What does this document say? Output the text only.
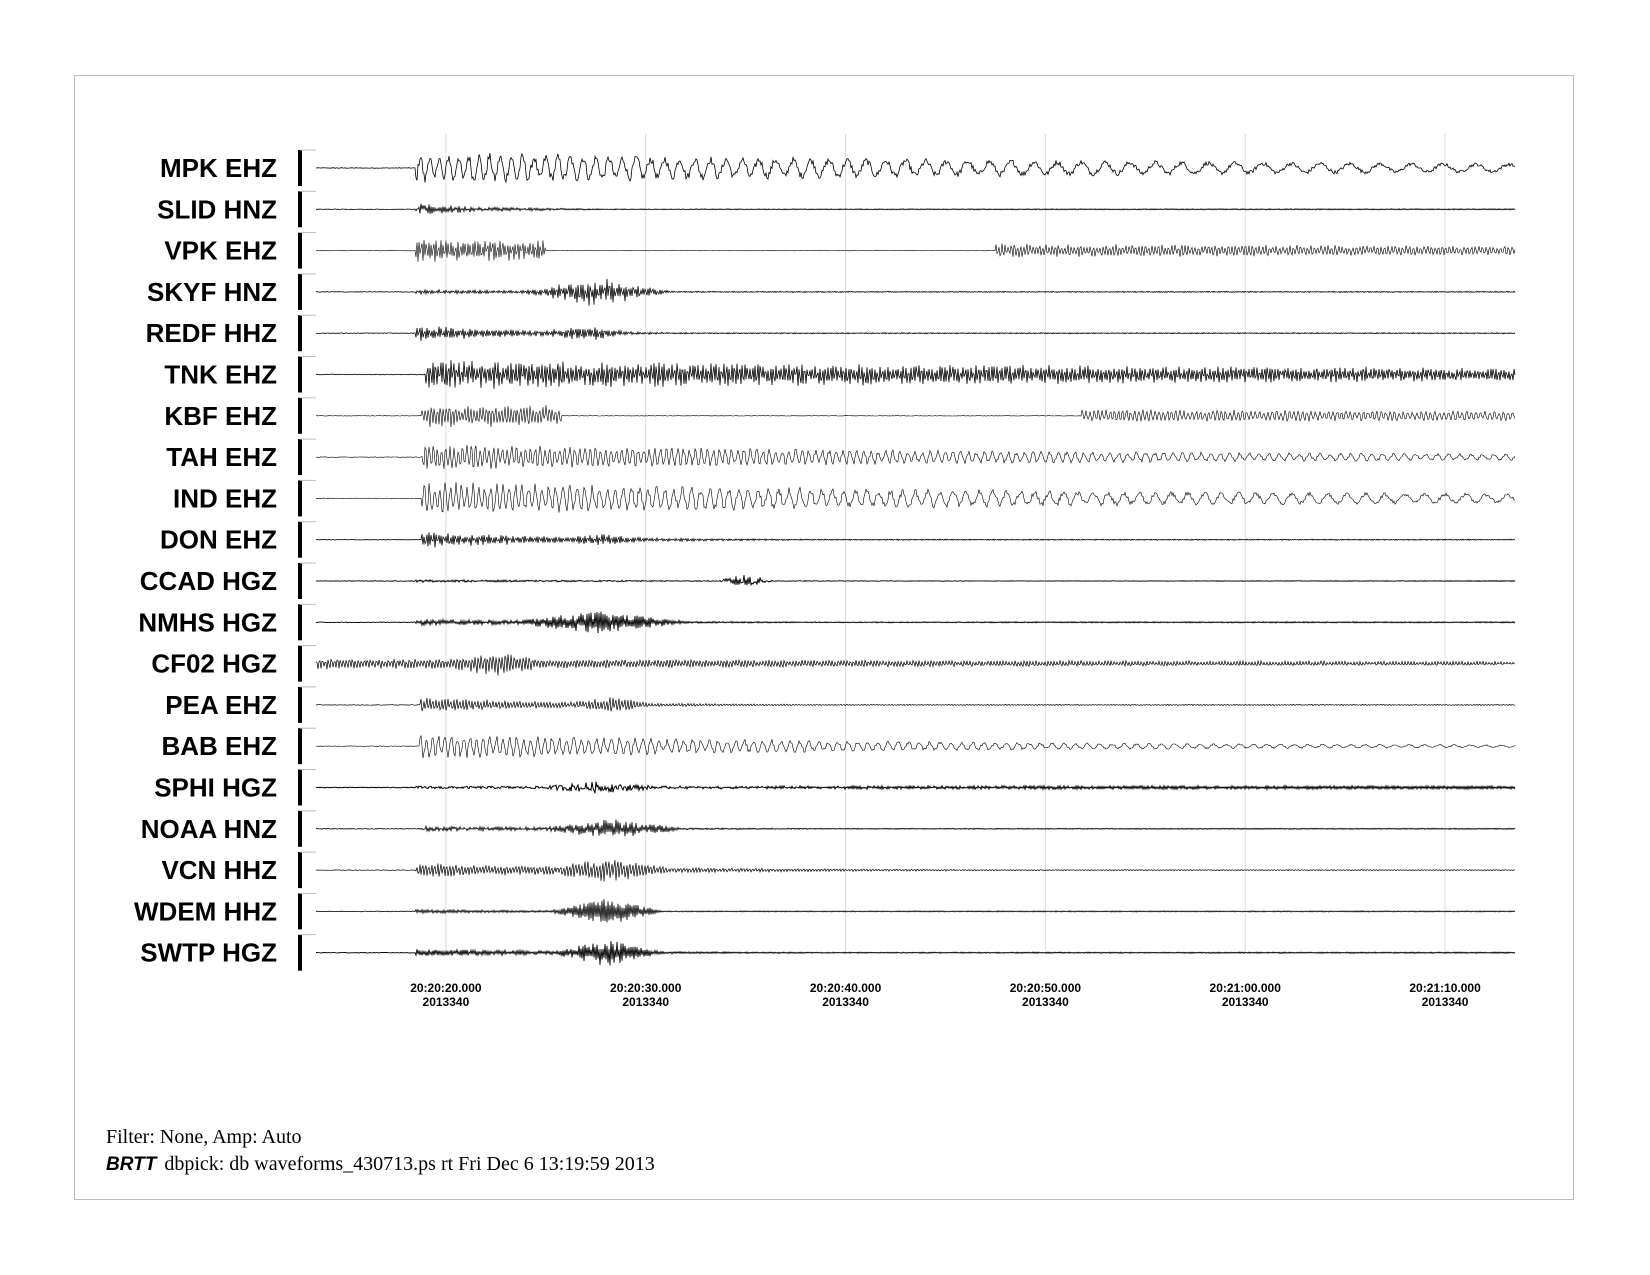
MPK EHZ
SLID HNZ
VPK EHZ
SKYF HNZ
REDF HHZ
TNK EHZ
KBF EHZ
TAH EHZ
IND EHZ
DON EHZ
CCAD HGZ
NMHS HGZ
CF02 HGZ
PEA EHZ
BAB EHZ
SPHI HGZ
NOAA HNZ
VCN HHZ
WDEM HHZ
SWTP HGZ
20:20:20.000
2013340
20:20:30.000
2013340
20:20:40.000
2013340
20:20:50.000
2013340
20:21:00.000
2013340
20:21:10.000
2013340
Filter: None, Amp: Auto
BRTT dbpick: db waveforms_430713.ps rt Fri Dec 6 13:19:59 2013
